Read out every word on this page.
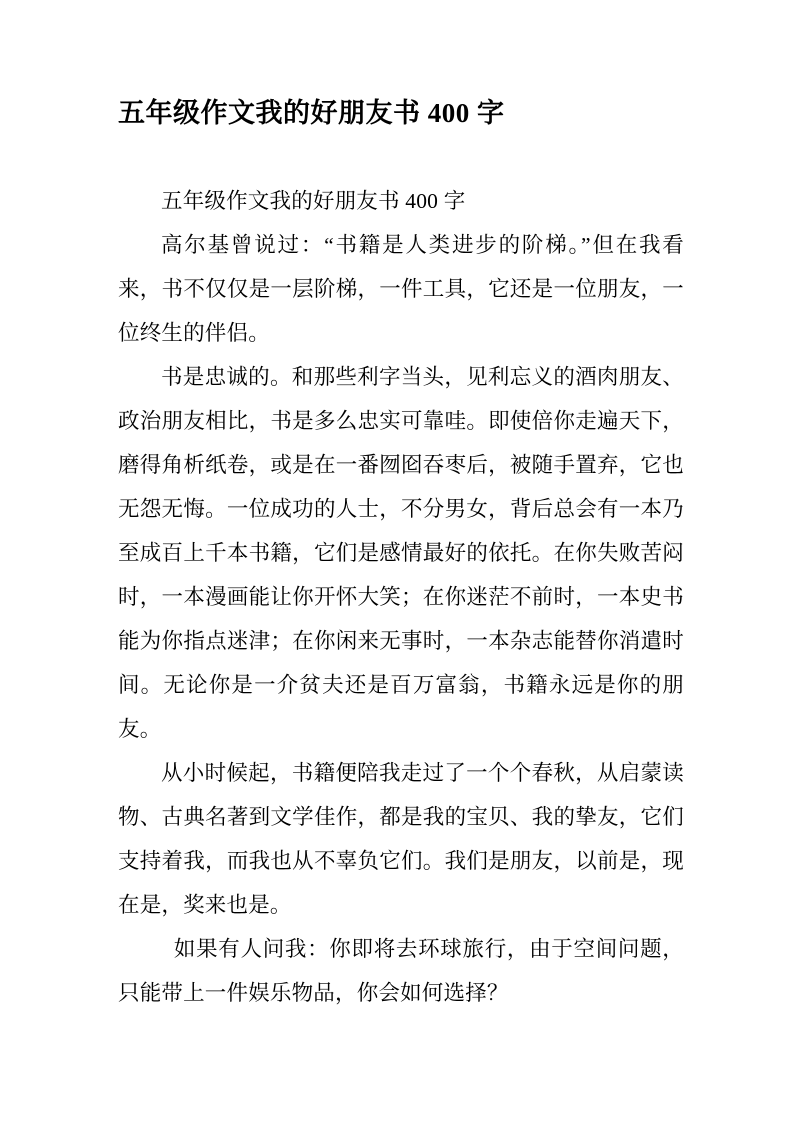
五年级作文我的好朋友书 400 字

五年级作文我的好朋友书 400 字

高尔基曾说过：“书籍是人类进步的阶梯。”但在我看来，书不仅仅是一层阶梯，一件工具，它还是一位朋友，一位终生的伴侣。

书是忠诚的。和那些利字当头，见利忘义的酒肉朋友、政治朋友相比，书是多么忠实可靠哇。即使倍你走遍天下，磨得角析纸卷，或是在一番囫囵吞枣后，被随手置弃，它也无怨无悔。一位成功的人士，不分男女，背后总会有一本乃至成百上千本书籍，它们是感情最好的依托。在你失败苦闷时，一本漫画能让你开怀大笑；在你迷茫不前时，一本史书能为你指点迷津；在你闲来无事时，一本杂志能替你消遣时间。无论你是一介贫夫还是百万富翁，书籍永远是你的朋友。

从小时候起，书籍便陪我走过了一个个春秋，从启蒙读物、古典名著到文学佳作，都是我的宝贝、我的挚友，它们支持着我，而我也从不辜负它们。我们是朋友，以前是，现在是，奖来也是。

如果有人问我：你即将去环球旅行，由于空间问题，只能带上一件娱乐物品，你会如何选择？
